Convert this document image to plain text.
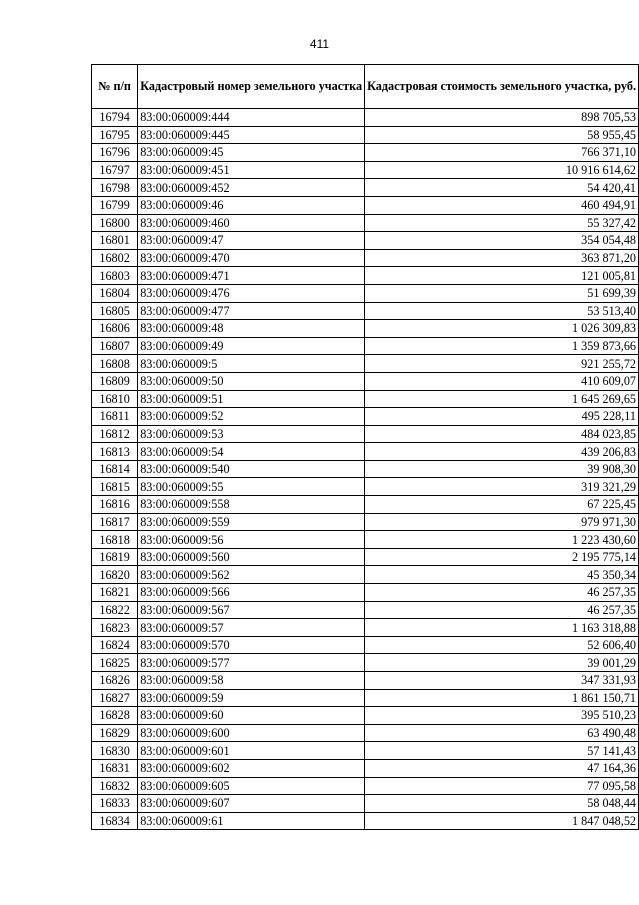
411
№ п/п	Кадастровый номер земельного участка	Кадастровая стоимость земельного участка, руб.
16794	83:00:060009:444	898 705,53
16795	83:00:060009:445	58 955,45
16796	83:00:060009:45	766 371,10
16797	83:00:060009:451	10 916 614,62
16798	83:00:060009:452	54 420,41
16799	83:00:060009:46	460 494,91
16800	83:00:060009:460	55 327,42
16801	83:00:060009:47	354 054,48
16802	83:00:060009:470	363 871,20
16803	83:00:060009:471	121 005,81
16804	83:00:060009:476	51 699,39
16805	83:00:060009:477	53 513,40
16806	83:00:060009:48	1 026 309,83
16807	83:00:060009:49	1 359 873,66
16808	83:00:060009:5	921 255,72
16809	83:00:060009:50	410 609,07
16810	83:00:060009:51	1 645 269,65
16811	83:00:060009:52	495 228,11
16812	83:00:060009:53	484 023,85
16813	83:00:060009:54	439 206,83
16814	83:00:060009:540	39 908,30
16815	83:00:060009:55	319 321,29
16816	83:00:060009:558	67 225,45
16817	83:00:060009:559	979 971,30
16818	83:00:060009:56	1 223 430,60
16819	83:00:060009:560	2 195 775,14
16820	83:00:060009:562	45 350,34
16821	83:00:060009:566	46 257,35
16822	83:00:060009:567	46 257,35
16823	83:00:060009:57	1 163 318,88
16824	83:00:060009:570	52 606,40
16825	83:00:060009:577	39 001,29
16826	83:00:060009:58	347 331,93
16827	83:00:060009:59	1 861 150,71
16828	83:00:060009:60	395 510,23
16829	83:00:060009:600	63 490,48
16830	83:00:060009:601	57 141,43
16831	83:00:060009:602	47 164,36
16832	83:00:060009:605	77 095,58
16833	83:00:060009:607	58 048,44
16834	83:00:060009:61	1 847 048,52
